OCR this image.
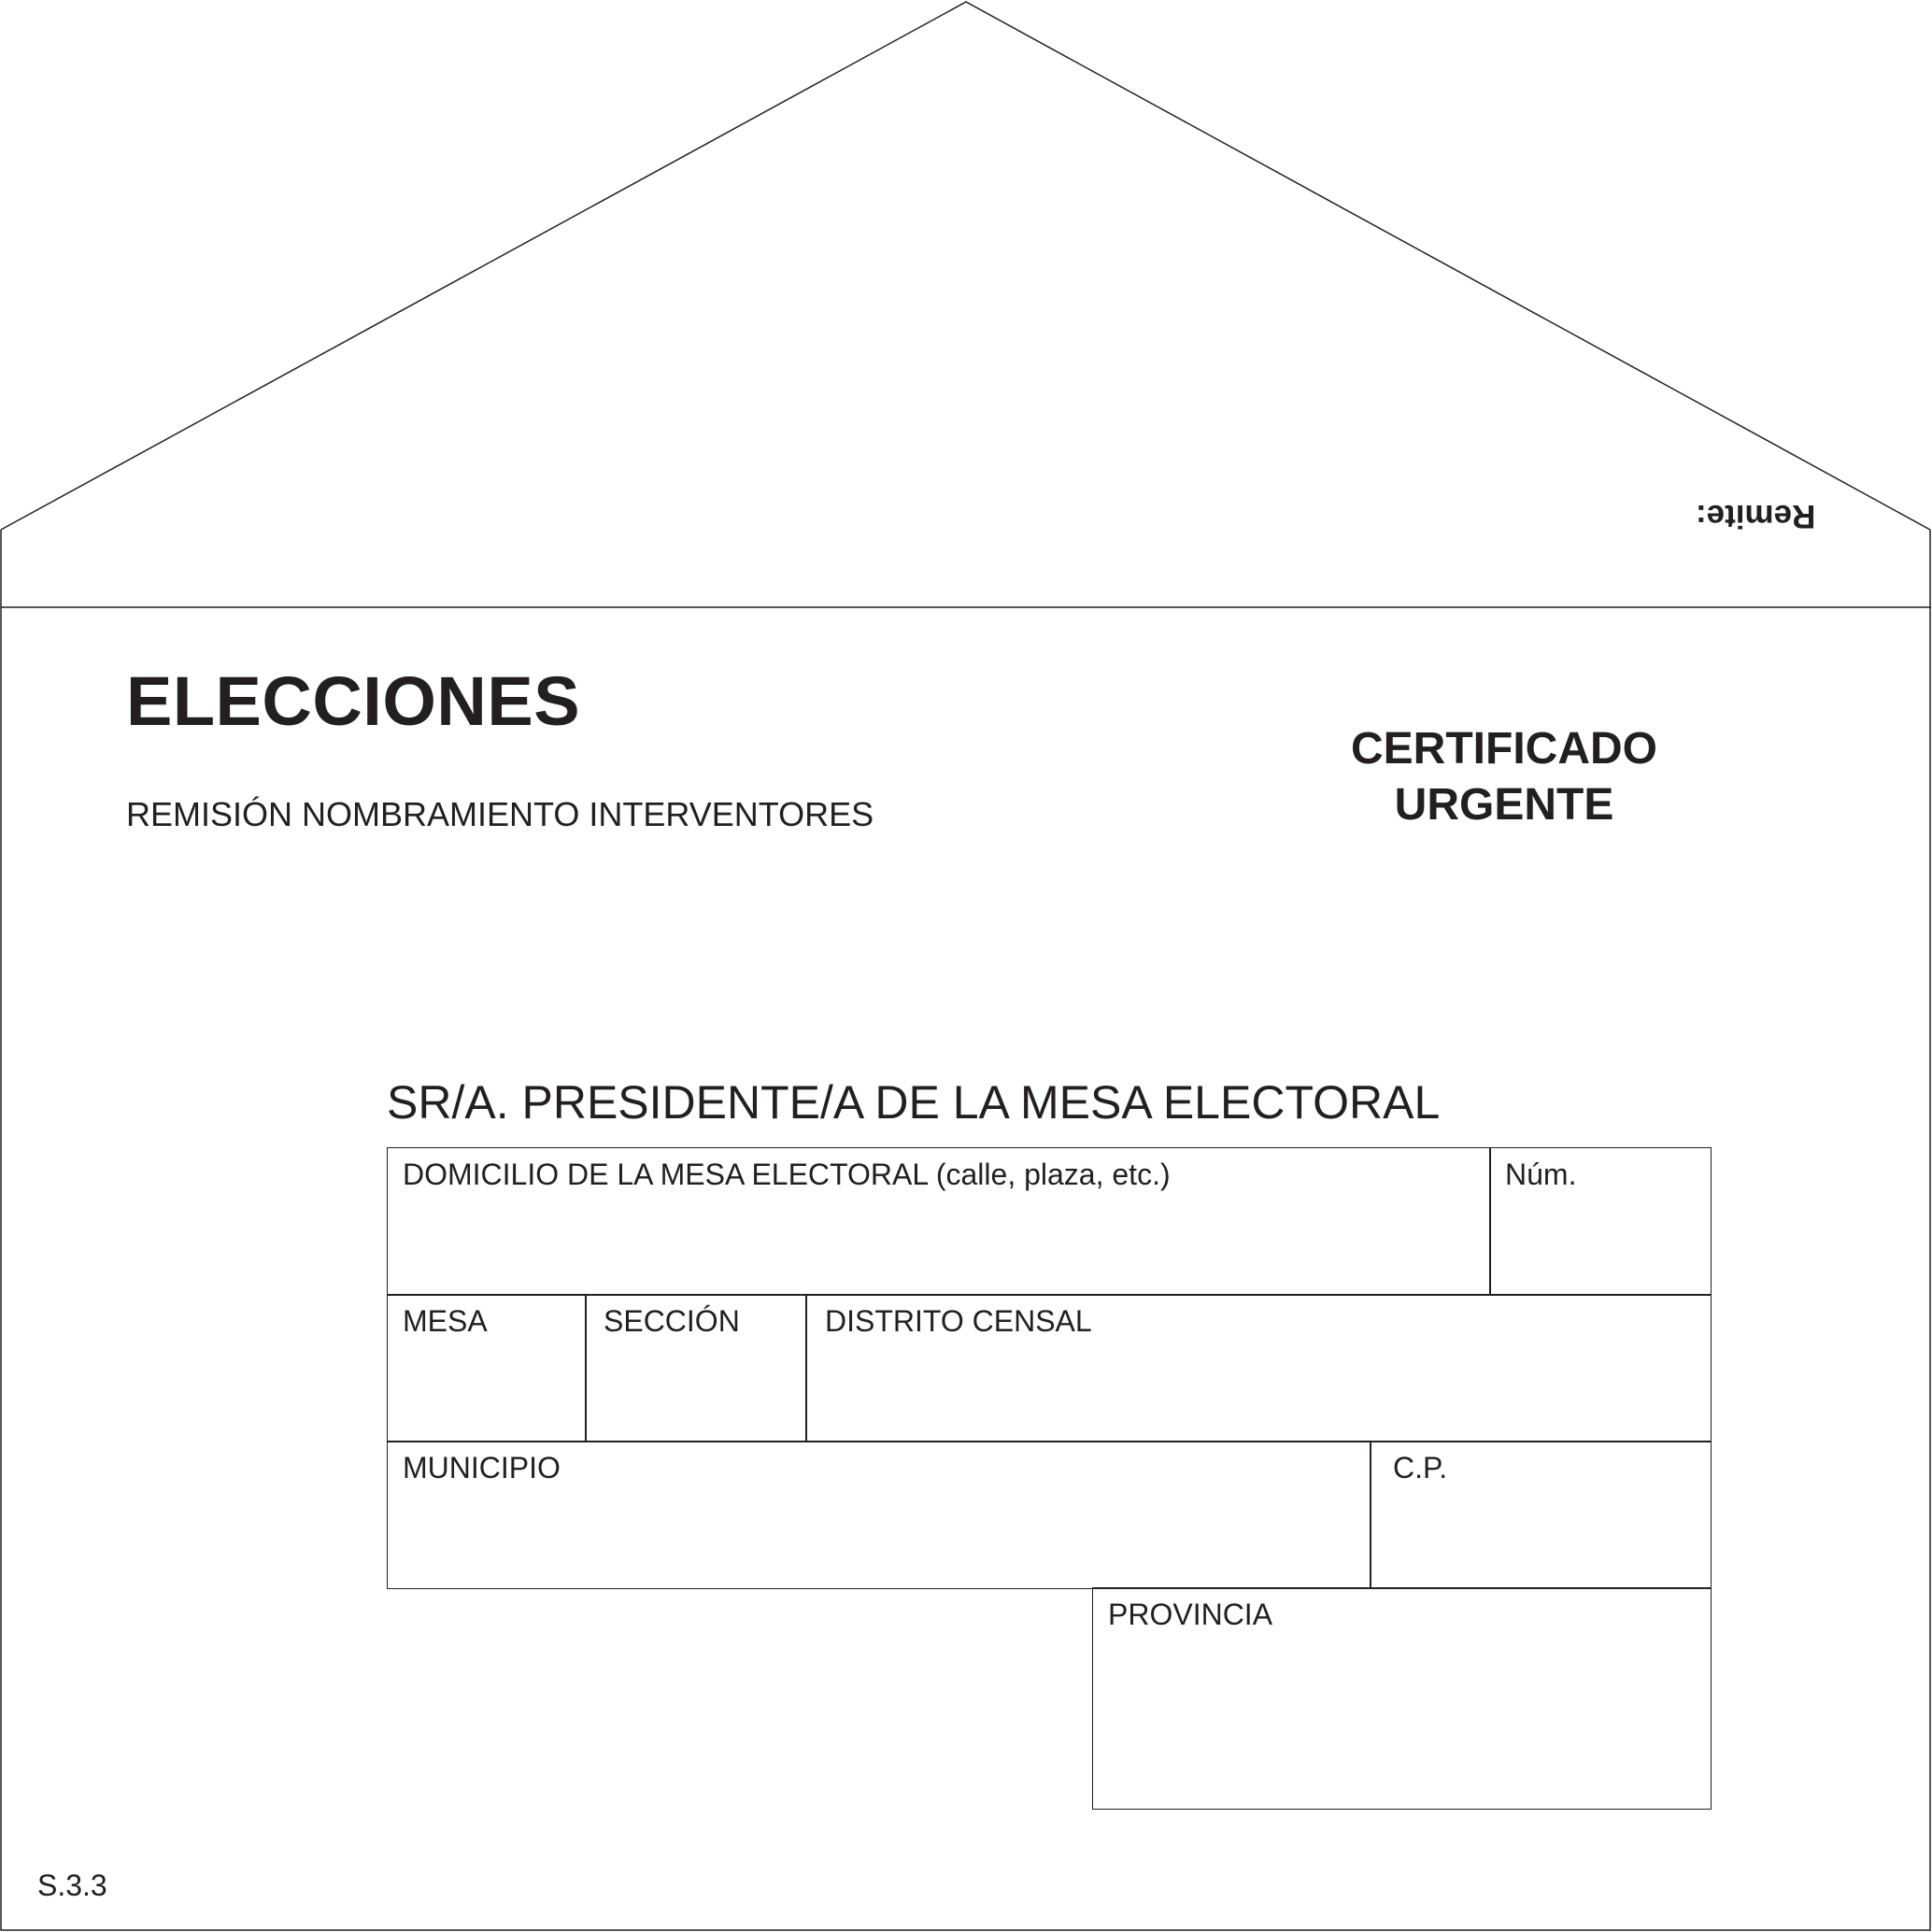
Remite:
ELECCIONES
REMISIÓN NOMBRAMIENTO INTERVENTORES
CERTIFICADO
URGENTE
SR/A. PRESIDENTE/A DE LA MESA ELECTORAL
DOMICILIO DE LA MESA ELECTORAL (calle, plaza, etc.)	Núm.
MESA	SECCIÓN	DISTRITO CENSAL
MUNICIPIO	C.P.
PROVINCIA
S.3.3
